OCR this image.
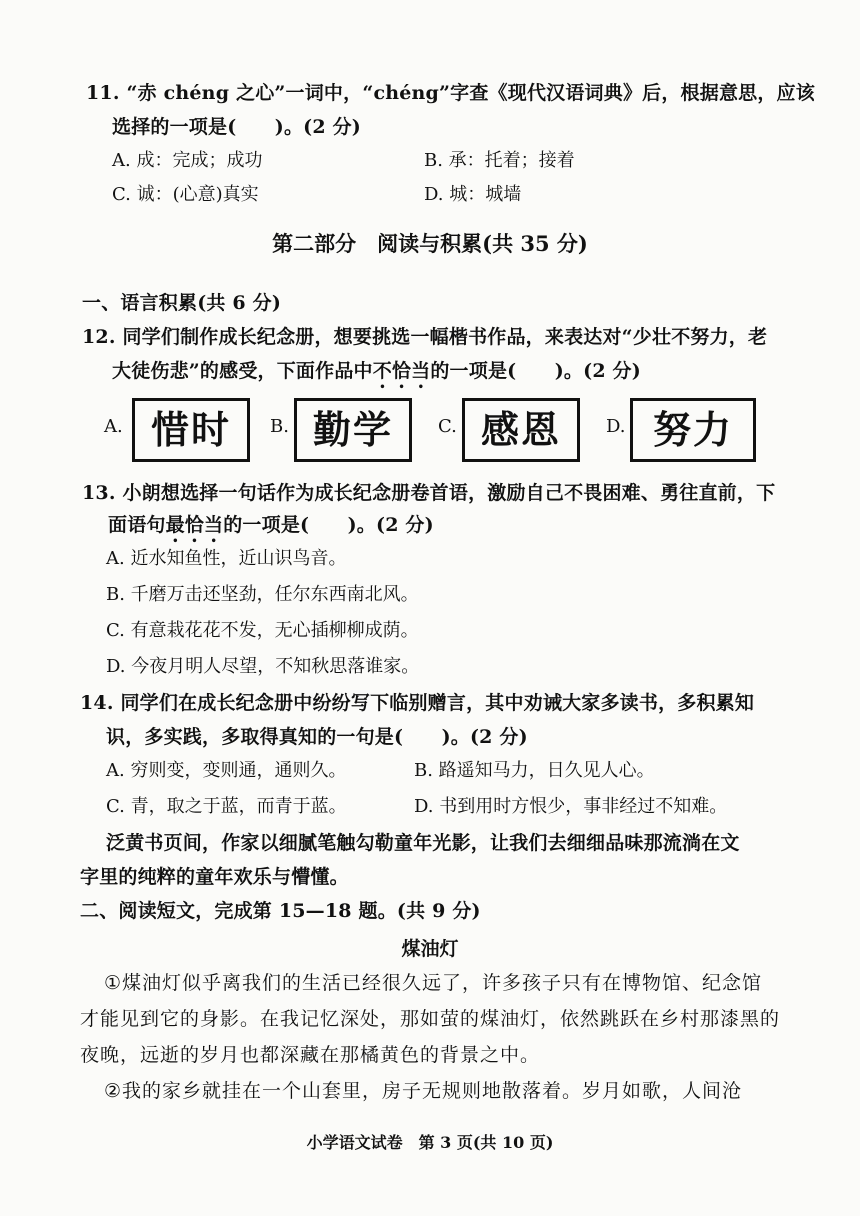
11. “赤 chéng 之心”一词中，“chéng”字查《现代汉语词典》后，根据意思，应该
选择的一项是(　　)。(2 分)
A. 成：完成；成功	B. 承：托着；接着
C. 诚：(心意)真实	D. 城：城墙
第二部分　阅读与积累(共 35 分)
一、语言积累(共 6 分)
12. 同学们制作成长纪念册，想要挑选一幅楷书作品，来表达对“少壮不努力，老
大徒伤悲”的感受，下面作品中不恰当的一项是(　　)。(2 分)
A. 惜时	B. 勤学	C. 感恩	D. 努力
13. 小朗想选择一句话作为成长纪念册卷首语，激励自己不畏困难、勇往直前，下
面语句最恰当的一项是(　　)。(2 分)
A. 近水知鱼性，近山识鸟音。
B. 千磨万击还坚劲，任尔东西南北风。
C. 有意栽花花不发，无心插柳柳成荫。
D. 今夜月明人尽望，不知秋思落谁家。
14. 同学们在成长纪念册中纷纷写下临别赠言，其中劝诫大家多读书，多积累知
识，多实践，多取得真知的一句是(　　)。(2 分)
A. 穷则变，变则通，通则久。	B. 路遥知马力，日久见人心。
C. 青，取之于蓝，而青于蓝。	D. 书到用时方恨少，事非经过不知难。
泛黄书页间，作家以细腻笔触勾勒童年光影，让我们去细细品味那流淌在文
字里的纯粹的童年欢乐与懵懂。
二、阅读短文，完成第 15—18 题。(共 9 分)
煤油灯
①煤油灯似乎离我们的生活已经很久远了，许多孩子只有在博物馆、纪念馆
才能见到它的身影。在我记忆深处，那如萤的煤油灯，依然跳跃在乡村那漆黑的
夜晚，远逝的岁月也都深藏在那橘黄色的背景之中。
②我的家乡就挂在一个山套里，房子无规则地散落着。岁月如歌，人间沧
小学语文试卷　第 3 页(共 10 页)
